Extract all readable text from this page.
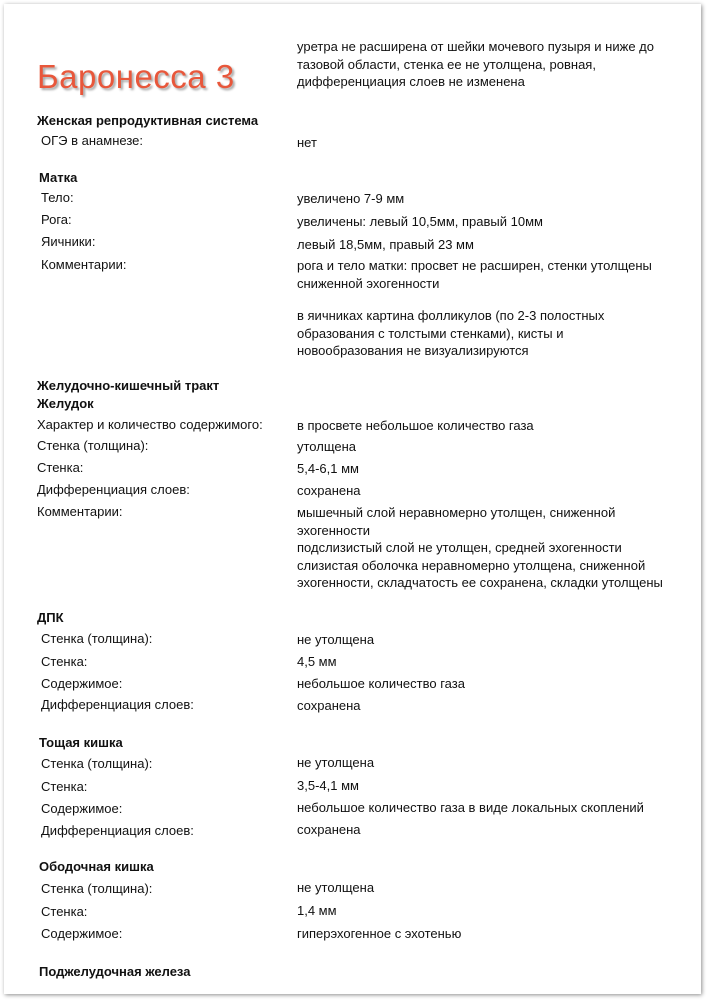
Баронесса 3
уретра не расширена от шейки мочевого пузыря и ниже до тазовой области, стенка ее не утолщена, ровная, дифференциация слоев не изменена
Женская репродуктивная система
ОГЭ в анамнезе:	нет
Матка
Тело:	увеличено 7-9 мм
Рога:	увеличены: левый 10,5мм, правый 10мм
Яичники:	левый 18,5мм, правый 23 мм
Комментарии:	рога и тело матки: просвет не расширен, стенки утолщены сниженной эхогенности
в яичниках картина фолликулов (по 2-3 полостных образования с толстыми стенками), кисты и новообразования не визуализируются
Желудочно-кишечный тракт
Желудок
Характер и количество содержимого:	в просвете небольшое количество газа
Стенка (толщина):	утолщена
Стенка:	5,4-6,1 мм
Дифференциация слоев:	сохранена
Комментарии:	мышечный слой неравномерно утолщен, сниженной эхогенности
подслизистый слой не утолщен, средней эхогенности
слизистая оболочка неравномерно утолщена, сниженной эхогенности, складчатость ее сохранена, складки утолщены
ДПК
Стенка (толщина):	не утолщена
Стенка:	4,5 мм
Содержимое:	небольшое количество газа
Дифференциация слоев:	сохранена
Тощая кишка
Стенка (толщина):	не утолщена
Стенка:	3,5-4,1 мм
Содержимое:	небольшое количество газа в виде локальных скоплений
Дифференциация слоев:	сохранена
Ободочная кишка
Стенка (толщина):	не утолщена
Стенка:	1,4 мм
Содержимое:	гиперэхогенное с эхотенью
Поджелудочная железа
